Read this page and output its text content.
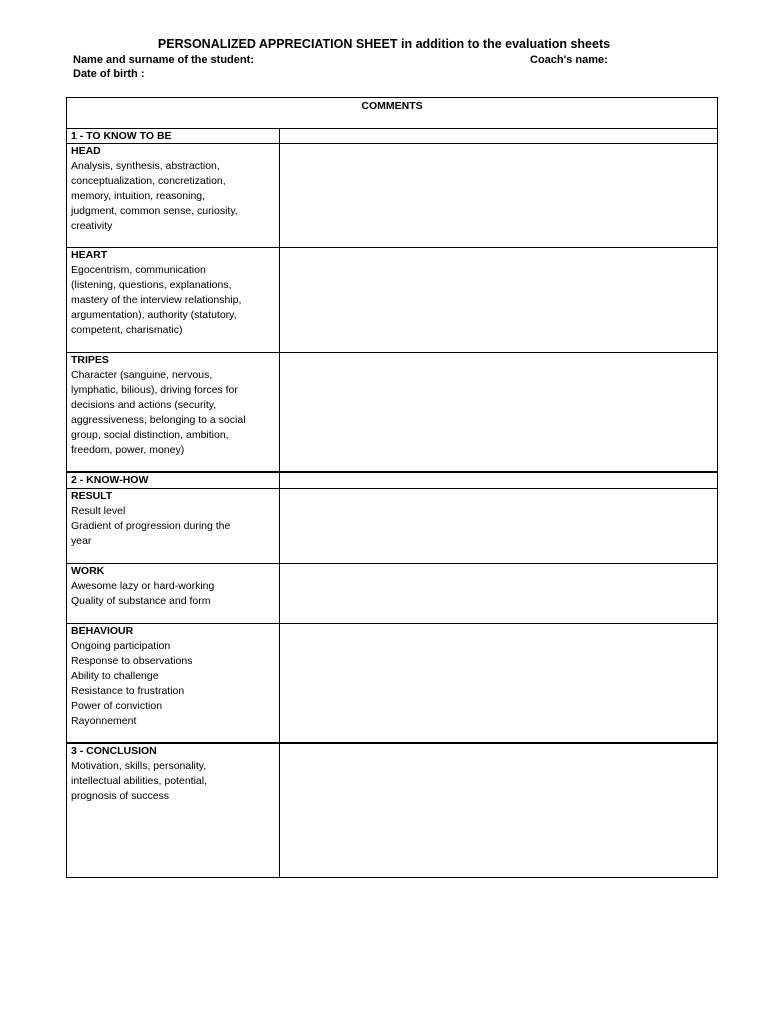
PERSONALIZED APPRECIATION SHEET in addition to the evaluation sheets
Name and surname of the student:	Coach's name:
Date of birth :
COMMENTS
1 - TO KNOW TO BE
2 - KNOW-HOW
3 - CONCLUSION
HEAD
Analysis, synthesis, abstraction,
conceptualization, concretization,
memory, intuition, reasoning,
judgment, common sense, curiosity,
creativity
HEART
Egocentrism, communication
(listening, questions, explanations,
mastery of the interview relationship,
argumentation), authority (statutory,
competent, charismatic)
TRIPES
Character (sanguine, nervous,
lymphatic, bilious), driving forces for
decisions and actions (security,
aggressiveness, belonging to a social
group, social distinction, ambition,
freedom, power, money)
RESULT
Result level
Gradient of progression during the
year
WORK
Awesome lazy or hard-working
Quality of substance and form
BEHAVIOUR
Ongoing participation
Response to observations
Ability to challenge
Resistance to frustration
Power of conviction
Rayonnement
Motivation, skills, personality,
intellectual abilities, potential,
prognosis of success
